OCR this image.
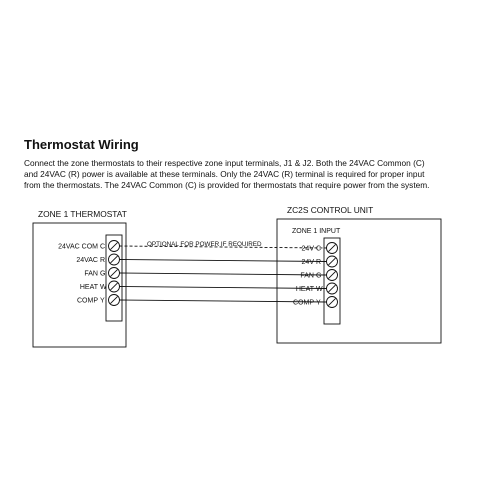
Thermostat Wiring

Connect the zone thermostats to their respective zone input terminals, J1 & J2. Both the 24VAC Common (C)
and 24VAC (R) power is available at these terminals. Only the 24VAC (R) terminal is required for proper input
from the thermostats. The 24VAC Common (C) is provided for thermostats that require power from the system.

ZONE 1 THERMOSTAT	ZC2S CONTROL UNIT
ZONE 1 INPUT
24VAC COM C
24VAC R
FAN G
HEAT W
COMP Y
24V C
24V R
FAN G
HEAT W
COMP Y
OPTIONAL FOR POWER IF REQUIRED
